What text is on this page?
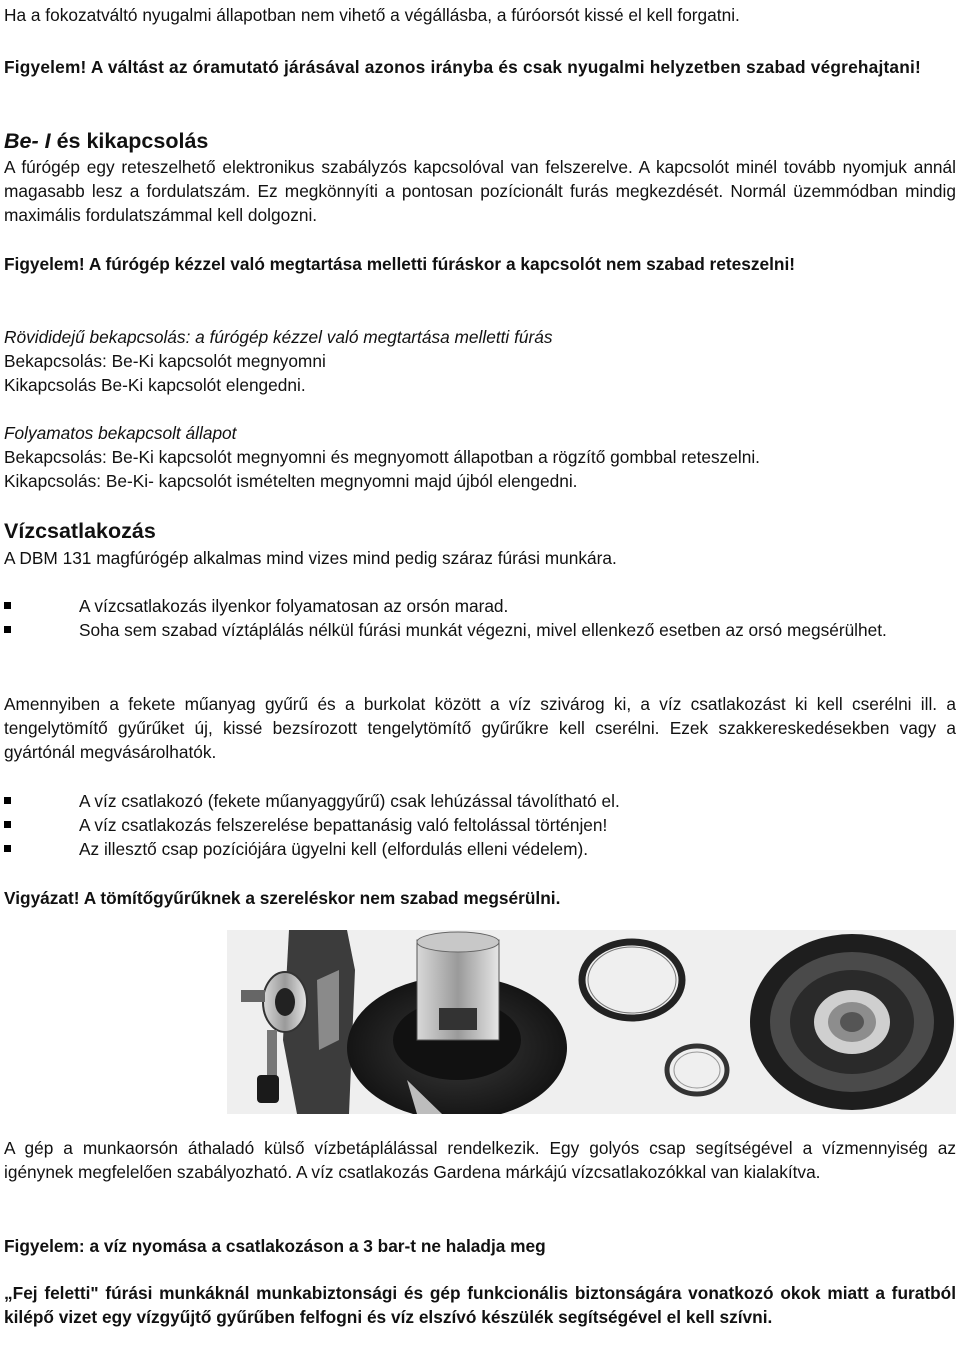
Ha a fokozatváltó nyugalmi állapotban nem vihető a végállásba, a fúróorsót kissé el kell forgatni.

Figyelem! A váltást az óramutató járásával azonos irányba és csak nyugalmi helyzetben szabad végrehajtani!

Be- I és kikapcsolás

A fúrógép egy reteszelhető elektronikus szabályzós kapcsolóval van felszerelve. A kapcsolót minél tovább nyomjuk annál magasabb lesz a fordulatszám. Ez megkönnyíti a pontosan pozícionált furás megkezdését. Normál üzemmódban mindig maximális fordulatszámmal kell dolgozni.

Figyelem! A fúrógép kézzel való megtartása melletti fúráskor a kapcsolót nem szabad reteszelni!

Rövididejű bekapcsolás: a fúrógép kézzel való megtartása melletti fúrás

Bekapcsolás: Be-Ki kapcsolót megnyomni

Kikapcsolás Be-Ki kapcsolót elengedni.

Folyamatos bekapcsolt állapot

Bekapcsolás: Be-Ki kapcsolót megnyomni és megnyomott állapotban a rögzítő gombbal reteszelni.

Kikapcsolás: Be-Ki- kapcsolót ismételten megnyomni majd újból elengedni.

Vízcsatlakozás

A DBM 131 magfúrógép alkalmas mind vizes mind pedig száraz fúrási munkára.

A vízcsatlakozás ilyenkor folyamatosan az orsón marad.
Soha sem szabad víztáplálás nélkül fúrási munkát végezni, mivel ellenkező esetben az orsó megsérülhet.

Amennyiben a fekete műanyag gyűrű és a burkolat között a víz szivárog ki, a víz csatlakozást ki kell cserélni ill. a tengelytömítő gyűrűket új, kissé bezsírozott tengelytömítő gyűrűkre kell cserélni. Ezek szakkereskedésekben vagy a gyártónál megvásárolhatók.

A víz csatlakozó (fekete műanyaggyűrű) csak lehúzással távolítható el.
A víz csatlakozás felszerelése bepattanásig való feltolással történjen!
Az illesztő csap pozíciójára ügyelni kell (elfordulás elleni védelem).

Vigyázat! A tömítőgyűrűknek a szereléskor nem szabad megsérülni.

A gép a munkaorsón áthaladó külső vízbetáplálással rendelkezik. Egy golyós csap segítségével a vízmennyiség az igénynek megfelelően szabályozható. A víz csatlakozás Gardena márkájú vízcsatlakozókkal van kialakítva.

Figyelem: a víz nyomása a csatlakozáson a 3 bar-t ne haladja meg

„Fej feletti" fúrási munkáknál munkabiztonsági és gép funkcionális biztonságára vonatkozó okok miatt a furatból kilépő vizet egy vízgyűjtő gyűrűben felfogni és víz elszívó készülék segítségével el kell szívni.
